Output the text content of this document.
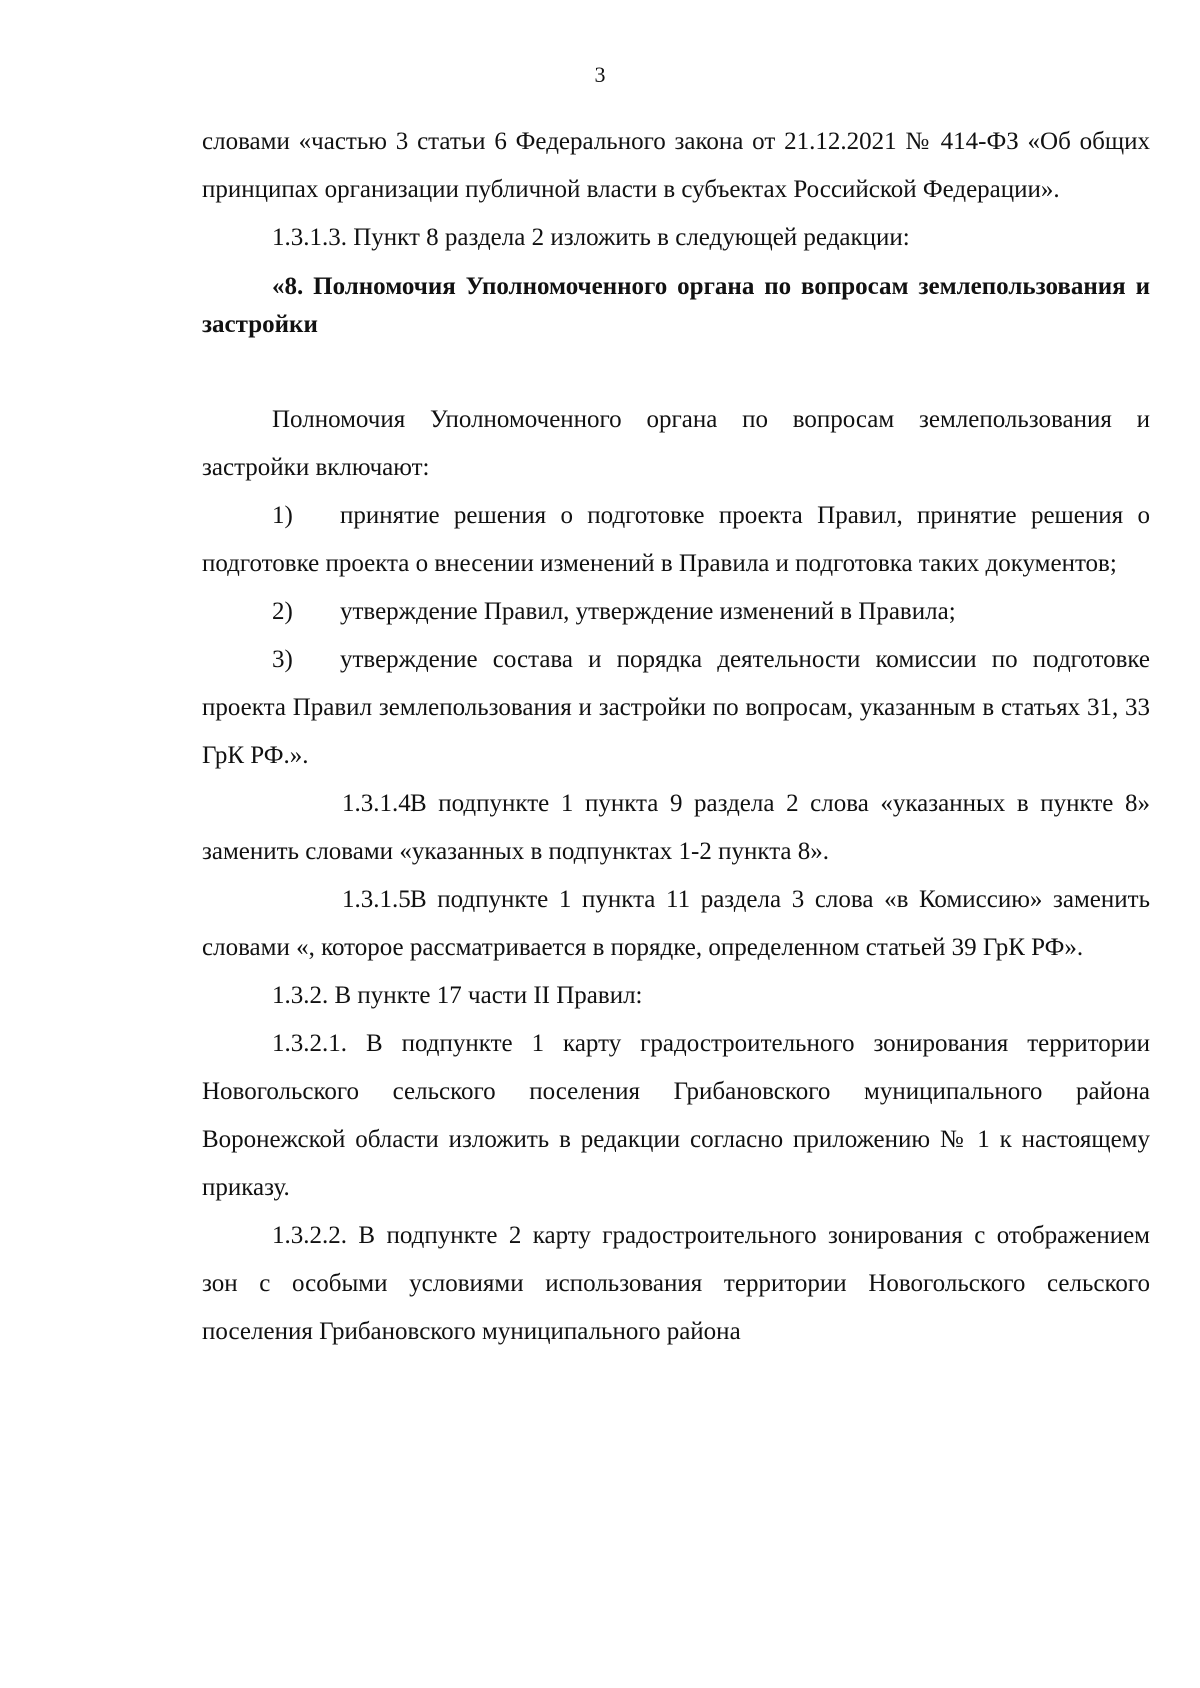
3

словами «частью 3 статьи 6 Федерального закона от 21.12.2021 № 414-ФЗ «Об общих принципах организации публичной власти в субъектах Российской Федерации».

1.3.1.3. Пункт 8 раздела 2 изложить в следующей редакции:

«8. Полномочия Уполномоченного органа по вопросам землепользования и застройки

Полномочия Уполномоченного органа по вопросам землепользования и застройки включают:

1) принятие решения о подготовке проекта Правил, принятие решения о подготовке проекта о внесении изменений в Правила и подготовка таких документов;

2) утверждение Правил, утверждение изменений в Правила;

3) утверждение состава и порядка деятельности комиссии по подготовке проекта Правил землепользования и застройки по вопросам, указанным в статьях 31, 33 ГрК РФ.».

1.3.1.4.В подпункте 1 пункта 9 раздела 2 слова «указанных в пункте 8» заменить словами «указанных в подпунктах 1-2 пункта 8».

1.3.1.5.В подпункте 1 пункта 11 раздела 3 слова «в Комиссию» заменить словами «, которое рассматривается в порядке, определенном статьей 39 ГрК РФ».

1.3.2. В пункте 17 части II Правил:

1.3.2.1. В подпункте 1 карту градостроительного зонирования территории Новогольского сельского поселения Грибановского муниципального района Воронежской области изложить в редакции согласно приложению № 1 к настоящему приказу.

1.3.2.2. В подпункте 2 карту градостроительного зонирования с отображением зон с особыми условиями использования территории Новогольского сельского поселения Грибановского муниципального района
